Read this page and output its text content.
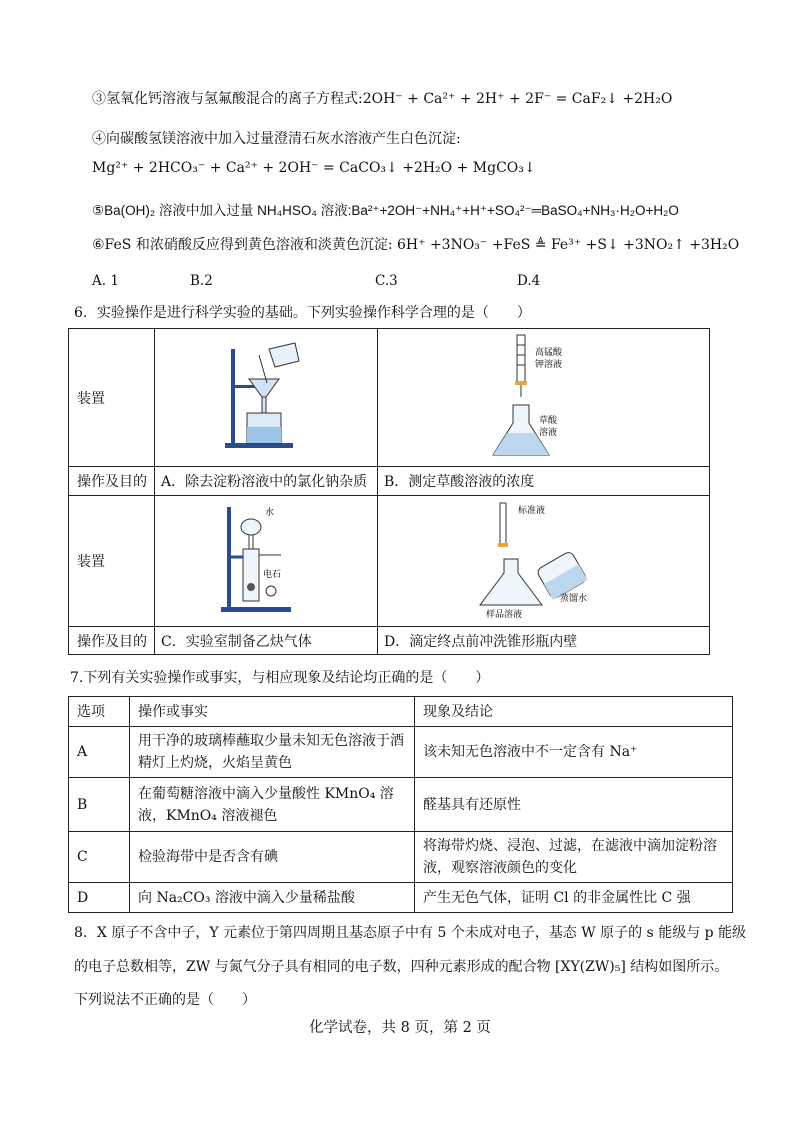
③氢氧化钙溶液与氢氟酸混合的离子方程式:2OH⁻ + Ca²⁺ + 2H⁺ + 2F⁻ = CaF₂↓ +2H₂O
④向碳酸氢镁溶液中加入过量澄清石灰水溶液产生白色沉淀:
Mg²⁺ + 2HCO₃⁻ + Ca²⁺ + 2OH⁻ = CaCO₃↓ +2H₂O + MgCO₃↓
⑤Ba(OH)₂ 溶液中加入过量 NH₄HSO₄ 溶液:Ba²⁺+2OH⁻+NH₄⁺+H⁺+SO₄²⁻═BaSO₄+NH₃·H₂O+H₂O
⑥FeS 和浓硝酸反应得到黄色溶液和淡黄色沉淀: 6H⁺ +3NO₃⁻ +FeS ≜ Fe³⁺ +S↓ +3NO₂↑ +3H₂O
A. 1	B.2	C.3	D.4
6．实验操作是进行科学实验的基础。下列实验操作科学合理的是（　　）
装置		高锰酸
钾溶液
草酸
溶液

操作及目的	A．除去淀粉溶液中的氯化钠杂质	B．测定草酸溶液的浓度
装置	水
电石	标准液
蒸馏水
样品溶液

操作及目的	C．实验室制备乙炔气体	D．滴定终点前冲洗锥形瓶内壁
7.下列有关实验操作或事实，与相应现象及结论均正确的是（　　）
选项	操作或事实	现象及结论
A	用干净的玻璃棒蘸取少量未知无色溶液于酒精灯上灼烧，火焰呈黄色	该未知无色溶液中不一定含有 Na⁺
B	在葡萄糖溶液中滴入少量酸性 KMnO₄ 溶液，KMnO₄ 溶液褪色	醛基具有还原性
C	检验海带中是否含有碘	将海带灼烧、浸泡、过滤，在滤液中滴加淀粉溶液，观察溶液颜色的变化
D	向 Na₂CO₃ 溶液中滴入少量稀盐酸	产生无色气体，证明 Cl 的非金属性比 C 强
8．X 原子不含中子，Y 元素位于第四周期且基态原子中有 5 个未成对电子，基态 W 原子的 s 能级与 p 能级
的电子总数相等，ZW 与氮气分子具有相同的电子数，四种元素形成的配合物 [XY(ZW)₅] 结构如图所示。
下列说法不正确的是（　　）
化学试卷，共 8 页，第 2 页
